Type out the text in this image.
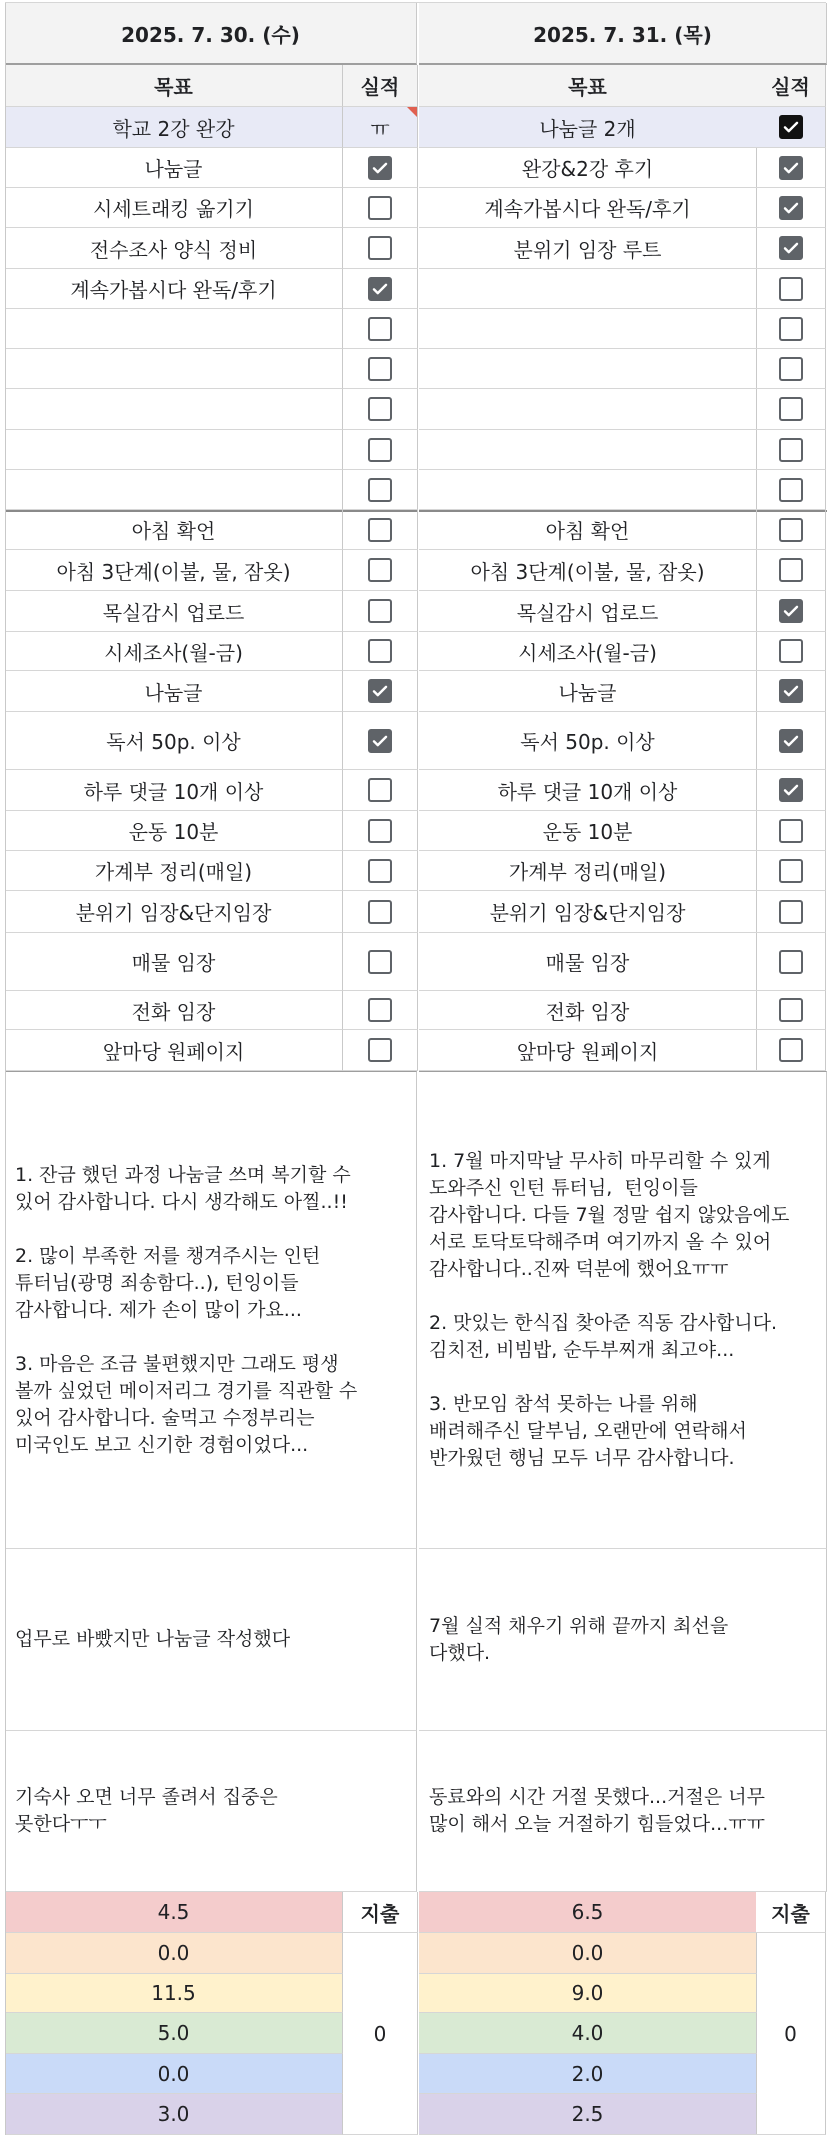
2025. 7. 30. (수)
목표	실적
학교 2강 완강	ㅠ
나눔글
시세트래킹 옮기기
전수조사 양식 정비
계속가봅시다 완독/후기
아침 확언
아침 3단계(이불, 물, 잠옷)
목실감시 업로드
시세조사(월-금)
나눔글
독서 50p. 이상
하루 댓글 10개 이상
운동 10분
가계부 정리(매일)
분위기 임장&단지임장
매물 임장
전화 임장
앞마당 원페이지
1. 잔금 했던 과정 나눔글 쓰며 복기할 수
있어 감사합니다. 다시 생각해도 아찔..!!

2. 많이 부족한 저를 챙겨주시는 인턴
튜터님(광명 죄송함다..), 턴잉이들
감사합니다. 제가 손이 많이 가요...

3. 마음은 조금 불편했지만 그래도 평생
볼까 싶었던 메이저리그 경기를 직관할 수
있어 감사합니다. 술먹고 수정부리는
미국인도 보고 신기한 경험이었다...
업무로 바빴지만 나눔글 작성했다
기숙사 오면 너무 졸려서 집중은
못한다ㅜㅜ
4.5
0.0
11.5
5.0
0.0
3.0
지출
0
2025. 7. 31. (목)
목표	실적
나눔글 2개
완강&2강 후기
계속가봅시다 완독/후기
분위기 임장 루트
아침 확언
아침 3단계(이불, 물, 잠옷)
목실감시 업로드
시세조사(월-금)
나눔글
독서 50p. 이상
하루 댓글 10개 이상
운동 10분
가계부 정리(매일)
분위기 임장&단지임장
매물 임장
전화 임장
앞마당 원페이지
1. 7월 마지막날 무사히 마무리할 수 있게
도와주신 인턴 튜터님,  턴잉이들
감사합니다. 다들 7월 정말 쉽지 않았음에도
서로 토닥토닥해주며 여기까지 올 수 있어
감사합니다..진짜 덕분에 했어요ㅠㅠ

2. 맛있는 한식집 찾아준 직동 감사합니다.
김치전, 비빔밥, 순두부찌개 최고야...

3. 반모임 참석 못하는 나를 위해
배려해주신 달부님, 오랜만에 연락해서
반가웠던 행님 모두 너무 감사합니다.
7월 실적 채우기 위해 끝까지 최선을
다했다.
동료와의 시간 거절 못했다...거절은 너무
많이 해서 오늘 거절하기 힘들었다...ㅠㅠ
6.5
0.0
9.0
4.0
2.0
2.5
지출
0
